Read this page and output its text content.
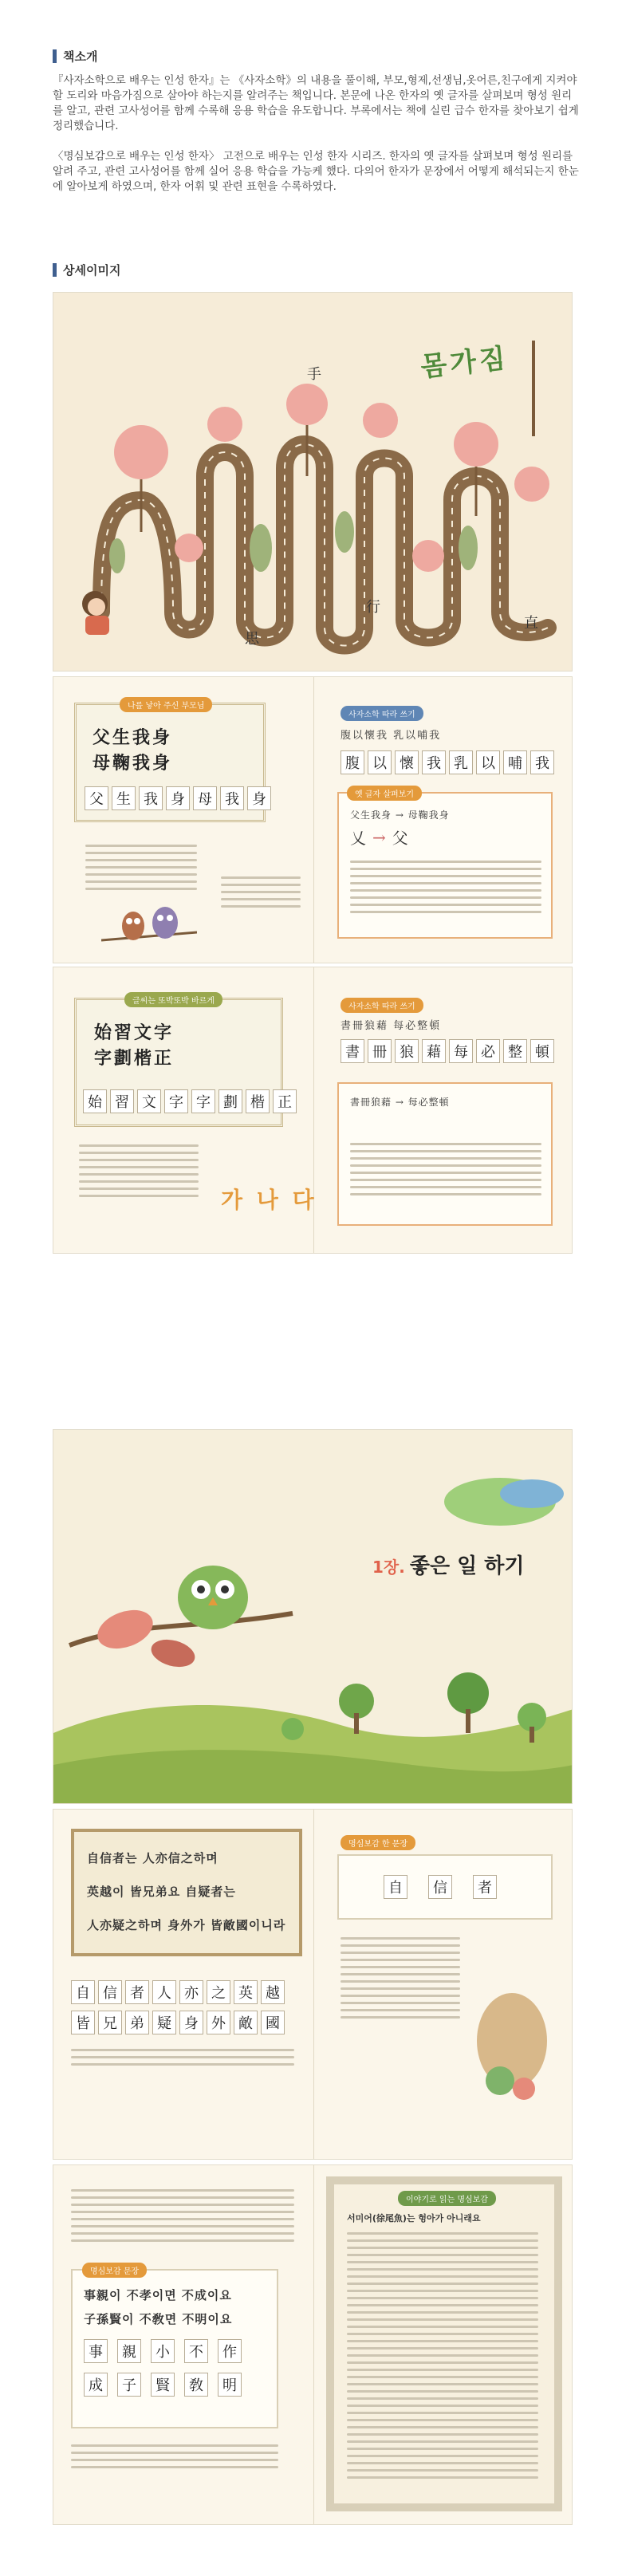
책소개

『사자소학으로 배우는 인성 한자』는 《사자소학》의 내용을 풀이해, 부모,형제,선생님,옷어른,친구에게 지켜야 할 도리와 마음가짐으로 살아야 하는지를 알려주는 책입니다. 본문에 나온 한자의 옛 글자를 살펴보며 형성 원리를 알고, 관련 고사성어를 함께 수록해 응용 학습을 유도합니다. 부록에서는 책에 실린 급수 한자를 찾아보기 쉽게 정리했습니다.

〈명심보감으로 배우는 인성 한자〉 고전으로 배우는 인성 한자 시리즈. 한자의 옛 글자를 살펴보며 형성 원리를 알려 주고, 관련 고사성어를 함께 실어 응용 학습을 가능케 했다. 다의어 한자가 문장에서 어떻게 해석되는지 한눈에 알아보게 하였으며, 한자 어휘 및 관련 표현을 수록하였다.

상세이미지
몸가짐
手
思
行
直
나를 낳아 주신 부모님
父生我身
母鞠我身
父 生 我 身 母 我 身
사자소학 따라 쓰기
腹以懷我 乳以哺我
腹 以 懷 我 乳 以 哺 我
옛 글자 살펴보기
父生我身 → 母鞠我身
乂 → 父
글씨는 또박또박 바르게
始習文字
字劃楷正
始 習 文 字 字 劃 楷 正
가 나 다
사자소학 따라 쓰기
書冊狼藉 每必整頓
書 冊 狼 藉 每 必 整 頓
書冊狼藉 → 每必整頓
1장. 좋은 일 하기
自信者는 人亦信之하며
英越이 皆兄弟요 自疑者는
人亦疑之하며 身外가 皆敵國이니라
自 信 者 人 亦 之 英 越
皆 兄 弟 疑 身 外 敵 國
명심보감 한 문장
自	信	者
명심보감 문장
事親이 不孝이면 不成이요
子孫賢이 不敎면 不明이요
事	親	小	不	作
成	子	賢	敎	明
이야기로 읽는 명심보감
서미어(徐尾魚)는 헝아가 아니래요
